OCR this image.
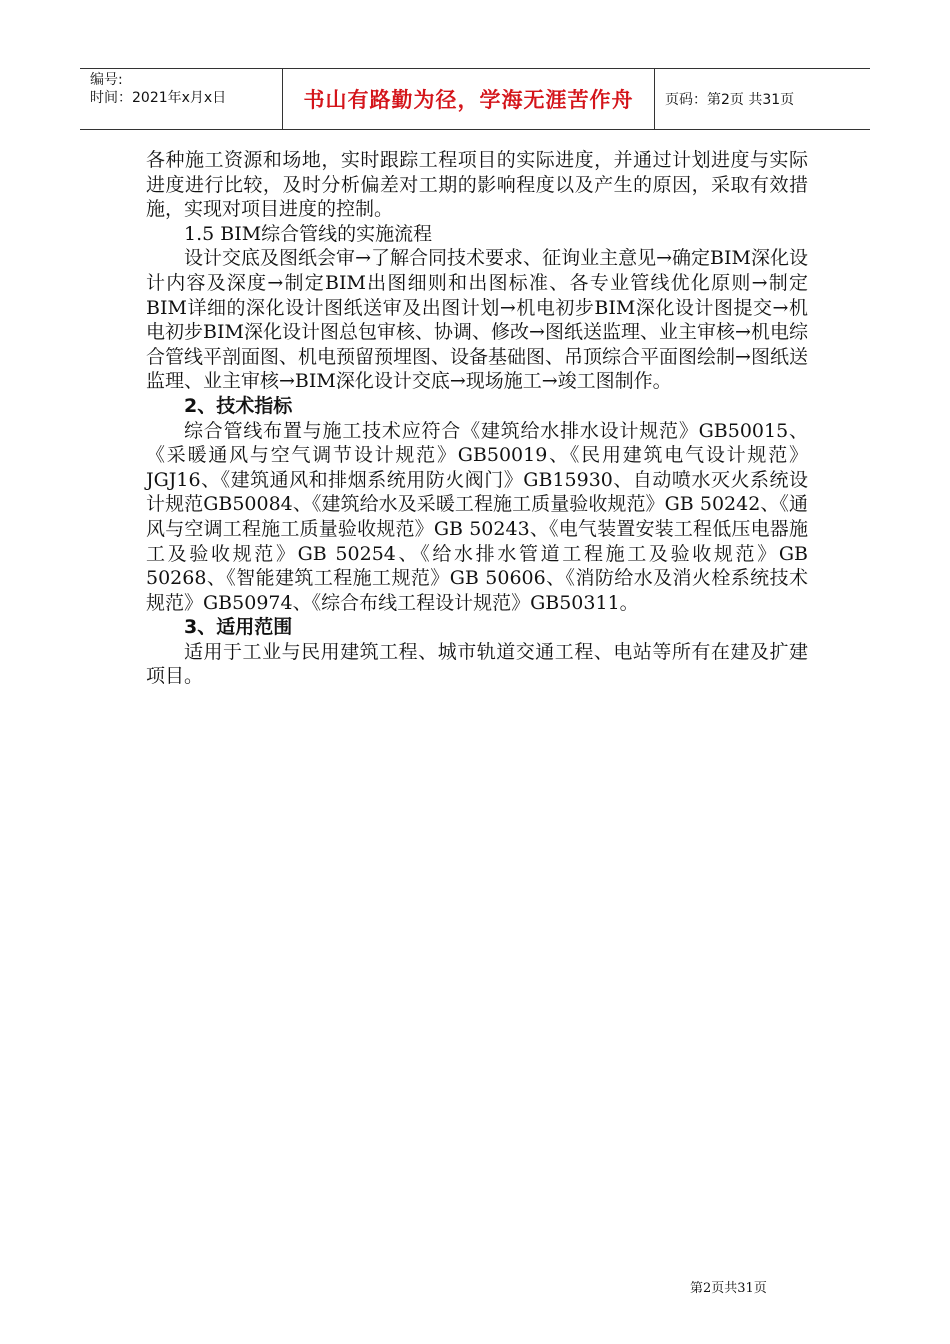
编号:
时间：2021年x月x日	书山有路勤为径，学海无涯苦作舟	页码：第2页 共31页

各种施工资源和场地，实时跟踪工程项目的实际进度，并通过计划进度与实际进度进行比较，及时分析偏差对工期的影响程度以及产生的原因，采取有效措施，实现对项目进度的控制。

1.5 BIM综合管线的实施流程

设计交底及图纸会审→了解合同技术要求、征询业主意见→确定BIM深化设计内容及深度→制定BIM出图细则和出图标准、各专业管线优化原则→制定BIM详细的深化设计图纸送审及出图计划→机电初步BIM深化设计图提交→机电初步BIM深化设计图总包审核、协调、修改→图纸送监理、业主审核→机电综合管线平剖面图、机电预留预埋图、设备基础图、吊顶综合平面图绘制→图纸送监理、业主审核→BIM深化设计交底→现场施工→竣工图制作。

2、技术指标

综合管线布置与施工技术应符合《建筑给水排水设计规范》GB50015、《采暖通风与空气调节设计规范》GB50019、《民用建筑电气设计规范》 JGJ16、《建筑通风和排烟系统用防火阀门》GB15930、自动喷水灭火系统设计规范GB50084、《建筑给水及采暖工程施工质量验收规范》GB 50242、《通风与空调工程施工质量验收规范》GB 50243、《电气装置安装工程低压电器施工及验收规范》GB 50254、《给水排水管道工程施工及验收规范》GB 50268、《智能建筑工程施工规范》GB 50606、《消防给水及消火栓系统技术规范》GB50974、《综合布线工程设计规范》GB50311。

3、适用范围

适用于工业与民用建筑工程、城市轨道交通工程、电站等所有在建及扩建项目。

第2页共31页
